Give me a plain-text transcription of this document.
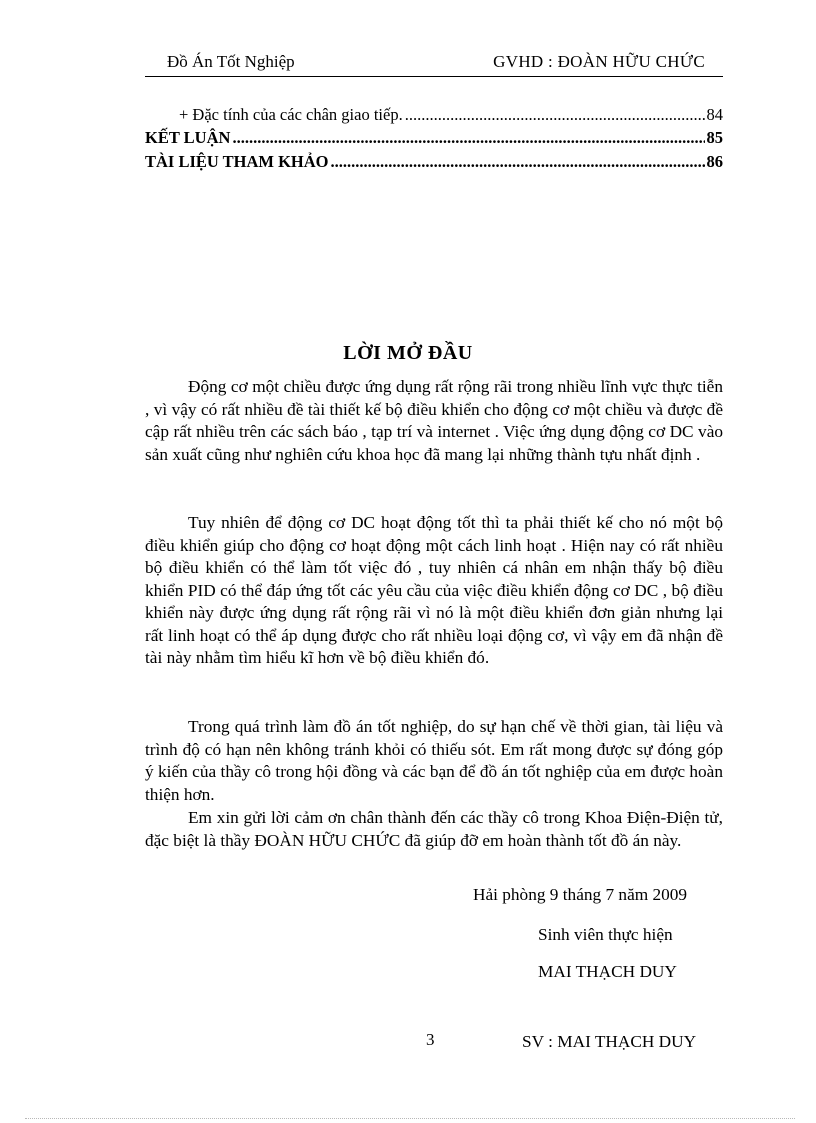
Đồ Án Tốt Nghiệp	GVHD : ĐOÀN HỮU CHỨC
+ Đặc tính của các chân giao tiếp. .....	84
KẾT LUẬN .....	85
TÀI LIỆU THAM KHẢO .....	86
LỜI MỞ ĐẦU

Động cơ một chiều được ứng dụng rất rộng rãi trong nhiều lĩnh vực thực tiễn , vì vậy có rất nhiều đề tài thiết kế bộ điều khiển cho động cơ một chiều và được đề cập rất nhiều trên các sách báo , tạp trí và internet . Việc ứng dụng động cơ DC vào sản xuất cũng như nghiên cứu khoa học đã mang lại những thành tựu nhất định .

Tuy nhiên để động cơ DC hoạt động tốt thì ta phải thiết kế cho nó một bộ điều khiển giúp cho động cơ hoạt động một cách linh hoạt . Hiện nay có rất nhiều bộ điều khiển có thể làm tốt việc đó , tuy nhiên cá nhân em nhận thấy bộ điều khiển PID có thể đáp ứng tốt các yêu cầu của việc điều khiển động cơ DC , bộ điều khiển này được ứng dụng rất rộng rãi vì nó là một điều khiển đơn giản nhưng lại rất linh hoạt có thể áp dụng được cho rất nhiều loại động cơ, vì vậy em đã nhận đề tài này nhằm tìm hiểu kĩ hơn về bộ điều khiển đó.

Trong quá trình làm đồ án tốt nghiệp, do sự hạn chế về thời gian, tài liệu và trình độ có hạn nên không tránh khỏi có thiếu sót. Em rất mong được sự đóng góp ý kiến của thầy cô trong hội đồng và các bạn để đồ án tốt nghiệp của em được hoàn thiện hơn.

Em xin gửi lời cảm ơn chân thành đến các thầy cô trong Khoa Điện-Điện tử, đặc biệt là thầy ĐOÀN HỮU CHỨC đã giúp đỡ em hoàn thành tốt đồ án này.

Hải phòng 9 tháng 7 năm 2009
Sinh viên thực hiện
MAI THẠCH DUY
3	SV : MAI THẠCH DUY
